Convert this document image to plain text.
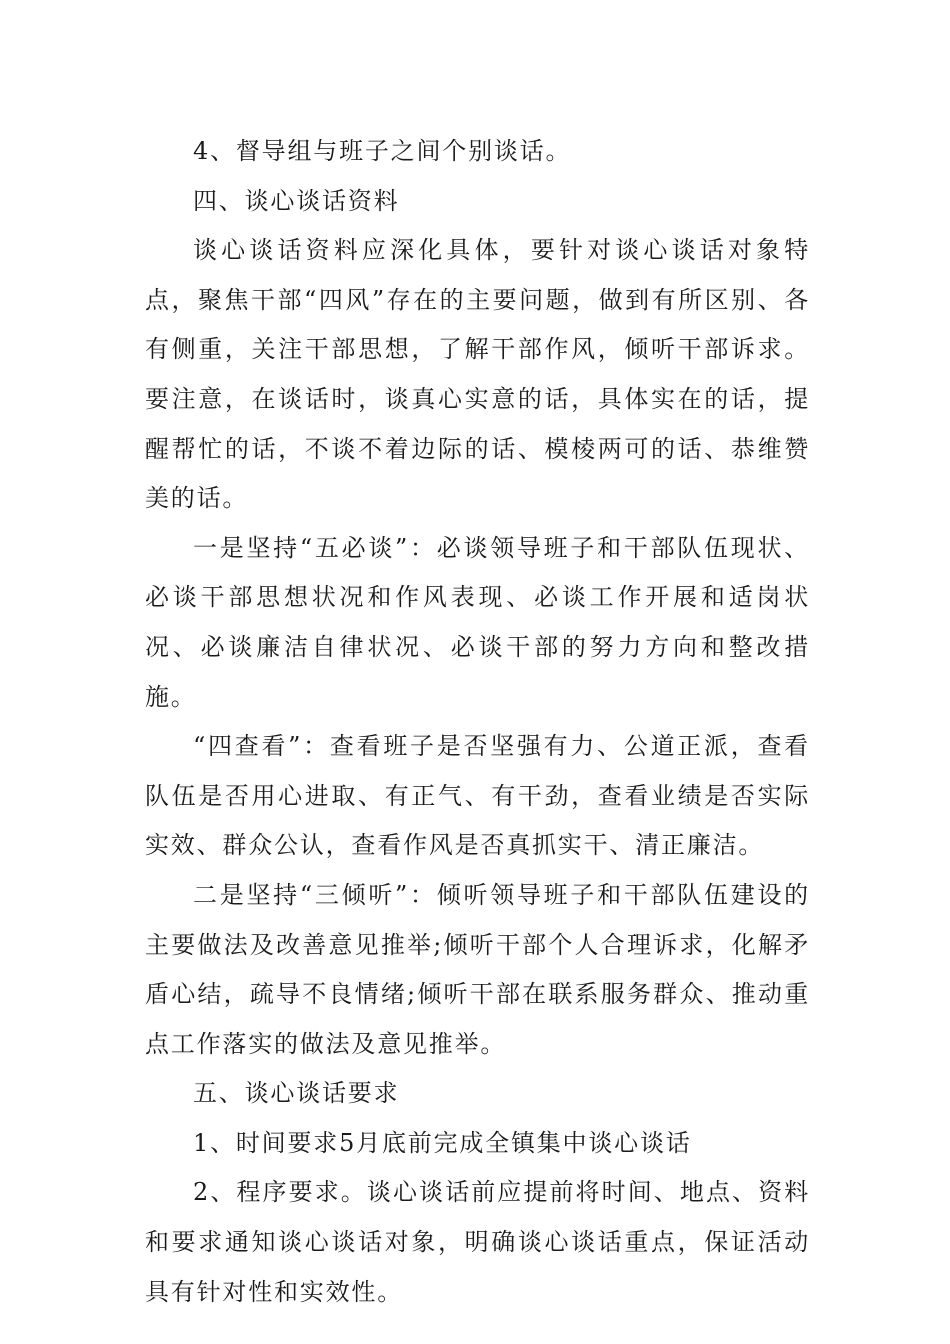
4、督导组与班子之间个别谈话。

四、谈心谈话资料

谈心谈话资料应深化具体，要针对谈心谈话对象特点，聚焦干部“四风”存在的主要问题，做到有所区别、各有侧重，关注干部思想，了解干部作风，倾听干部诉求。要注意，在谈话时，谈真心实意的话，具体实在的话，提醒帮忙的话，不谈不着边际的话、模棱两可的话、恭维赞美的话。

一是坚持“五必谈”：必谈领导班子和干部队伍现状、必谈干部思想状况和作风表现、必谈工作开展和适岗状况、必谈廉洁自律状况、必谈干部的努力方向和整改措施。

“四查看”：查看班子是否坚强有力、公道正派，查看队伍是否用心进取、有正气、有干劲，查看业绩是否实际实效、群众公认，查看作风是否真抓实干、清正廉洁。

二是坚持“三倾听”：倾听领导班子和干部队伍建设的主要做法及改善意见推举;倾听干部个人合理诉求，化解矛盾心结，疏导不良情绪;倾听干部在联系服务群众、推动重点工作落实的做法及意见推举。

五、谈心谈话要求

1、时间要求5月底前完成全镇集中谈心谈话

2、程序要求。谈心谈话前应提前将时间、地点、资料和要求通知谈心谈话对象，明确谈心谈话重点，保证活动具有针对性和实效性。
